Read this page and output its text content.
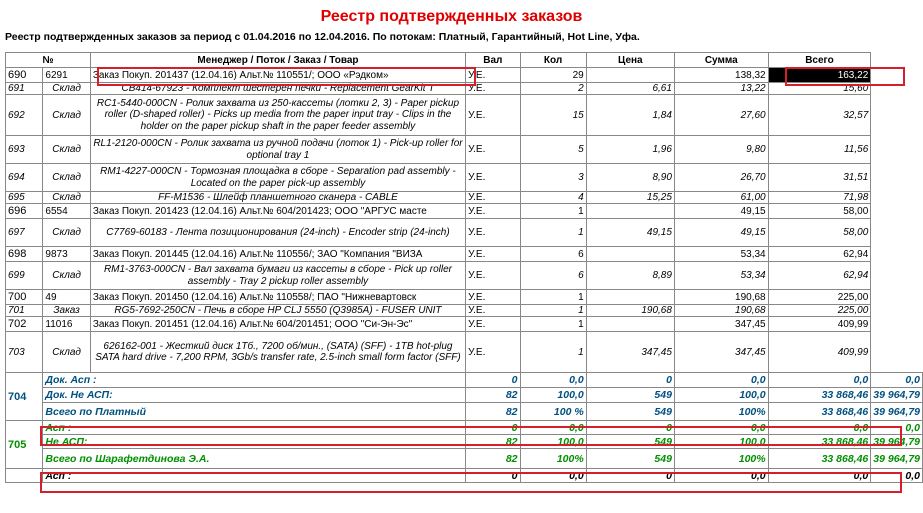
Реестр подтвержденных заказов
Реестр подтвержденных заказов за период с 01.04.2016 по 12.04.2016. По потокам: Платный, Гарантийный, Hot Line, Уфа.
№		Менеджер / Поток / Заказ / Товар	Вал	Кол	Цена	Сумма	Всего	
690	6291	Заказ Покуп. 201437 (12.04.16) Альт.№ 110551/; ООО «Рэдком»	У.Е.	29		138,32	163,22	
691	Склад	CB414-67923 - Комплект шестерен печки - Replacement GearKit T	У.Е.	2	6,61	13,22	15,60	
692	Склад	RC1-5440-000CN - Ролик захвата из 250-касcеты (лотки 2, 3) - Paper pickup roller (D-shaped roller) - Picks up media from the paper input tray - Clips in the holder on the paper pickup shaft in the paper feeder assembly	У.Е.	15	1,84	27,60	32,57	
693	Склад	RL1-2120-000CN - Ролик захвата из ручной подачи (лоток 1) - Pick-up roller for optional tray 1	У.Е.	5	1,96	9,80	11,56	
694	Склад	RM1-4227-000CN - Тормозная площадка в сборе - Separation pad assembly - Located on the paper pick-up assembly	У.Е.	3	8,90	26,70	31,51	
695	Склад	FF-M1536 - Шлейф планшетного сканера - CABLE	У.Е.	4	15,25	61,00	71,98	
696	6554	Заказ Покуп. 201423 (12.04.16) Альт.№ 604/201423; ООО "АРГУС масте	У.Е.	1		49,15	58,00	
697	Склад	C7769-60183 - Лента позиционирования (24-inch) - Encoder strip (24-inch)	У.Е.	1	49,15	49,15	58,00	
698	9873	Заказ Покуп. 201445 (12.04.16) Альт.№ 110556/; ЗАО "Компания "ВИЗА	У.Е.	6		53,34	62,94	
699	Склад	RM1-3763-000CN - Вал захвата бумаги из кассеты в сборе - Pick up roller assembly - Tray 2 pickup roller assembly	У.Е.	6	8,89	53,34	62,94	
700	49	Заказ Покуп. 201450 (12.04.16) Альт.№ 110558/; ПАО "Нижневартовск	У.Е.	1		190,68	225,00	
701	Заказ	RG5-7692-250CN - Печь в сборе HP CLJ 5550 (Q3985A) - FUSER UNIT	У.Е.	1	190,68	190,68	225,00	
702	11016	Заказ Покуп. 201451 (12.04.16) Альт.№ 604/201451; ООО "Си-Эн-Эс"	У.Е.	1		347,45	409,99	
703	Склад	626162-001 - Жесткий диск 1Тб., 7200 об/мин., (SATA) (SFF) - 1TB hot-plug SATA hard drive - 7,200 RPM, 3Gb/s transfer rate, 2.5-inch small form factor (SFF)	У.Е.	1	347,45	347,45	409,99	
704	Док. Асп :		0	0,0	0	0,0	0,0	0,0
	Док. Не АСП:		82	100,0	549	100,0	33 868,46	39 964,79
	Всего по Платный		82	100 %	549	100%	33 868,46	39 964,79
705	Асп :		0	0,0	0	0,0	0,0	0,0
	Не АСП:		82	100,0	549	100,0	33 868,46	39 964,79
	Всего по Шарафетдинова Э.А.		82	100%	549	100%	33 868,46	39 964,79
	Асп :		0	0,0	0	0,0	0,0	0,0
